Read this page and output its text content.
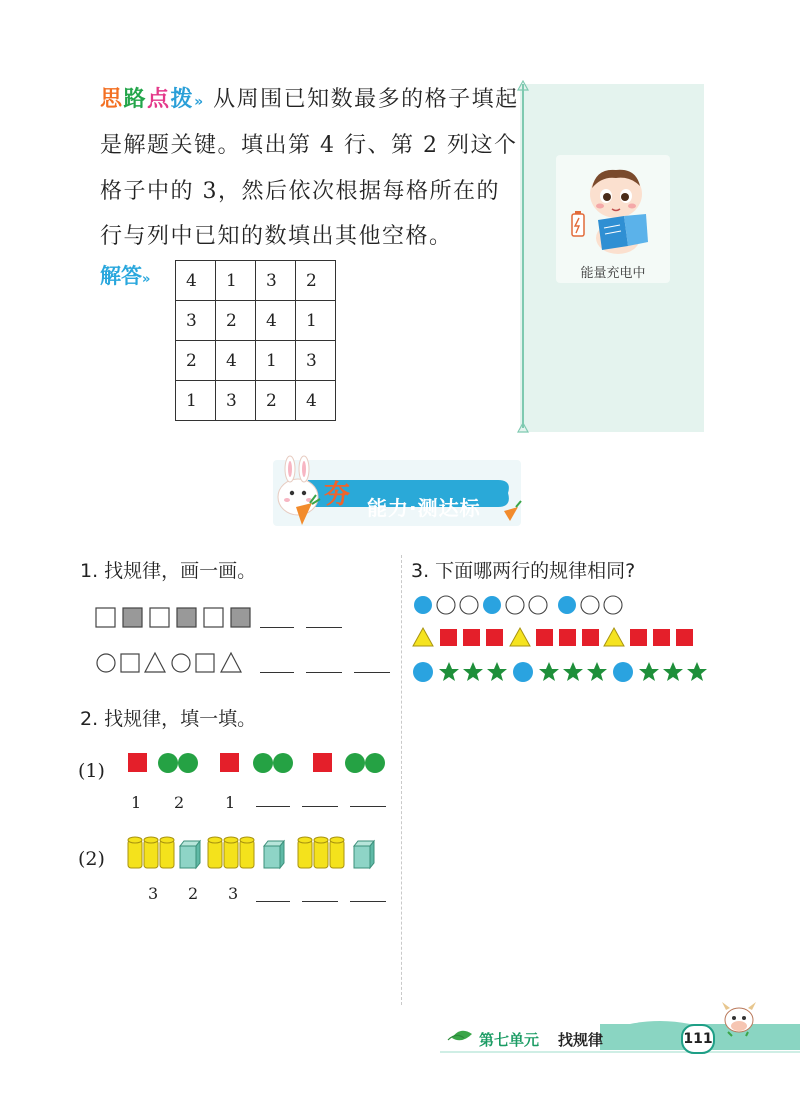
思路点拨» 从周围已知数最多的格子填起
是解题关键。填出第 4 行、第 2 列这个
格子中的 3，然后依次根据每格所在的
行与列中已知的数填出其他空格。
解答» 4	1	3	2
3	2	4	1
2	4	1	3
1	3	2	4
能量充电中
夯 能力·测达标
1. 找规律，画一画。
2. 找规律，填一填。
(1)
1 2	1
(2)
3 2 3
3. 下面哪两行的规律相同?
第七单元 找规律	111
